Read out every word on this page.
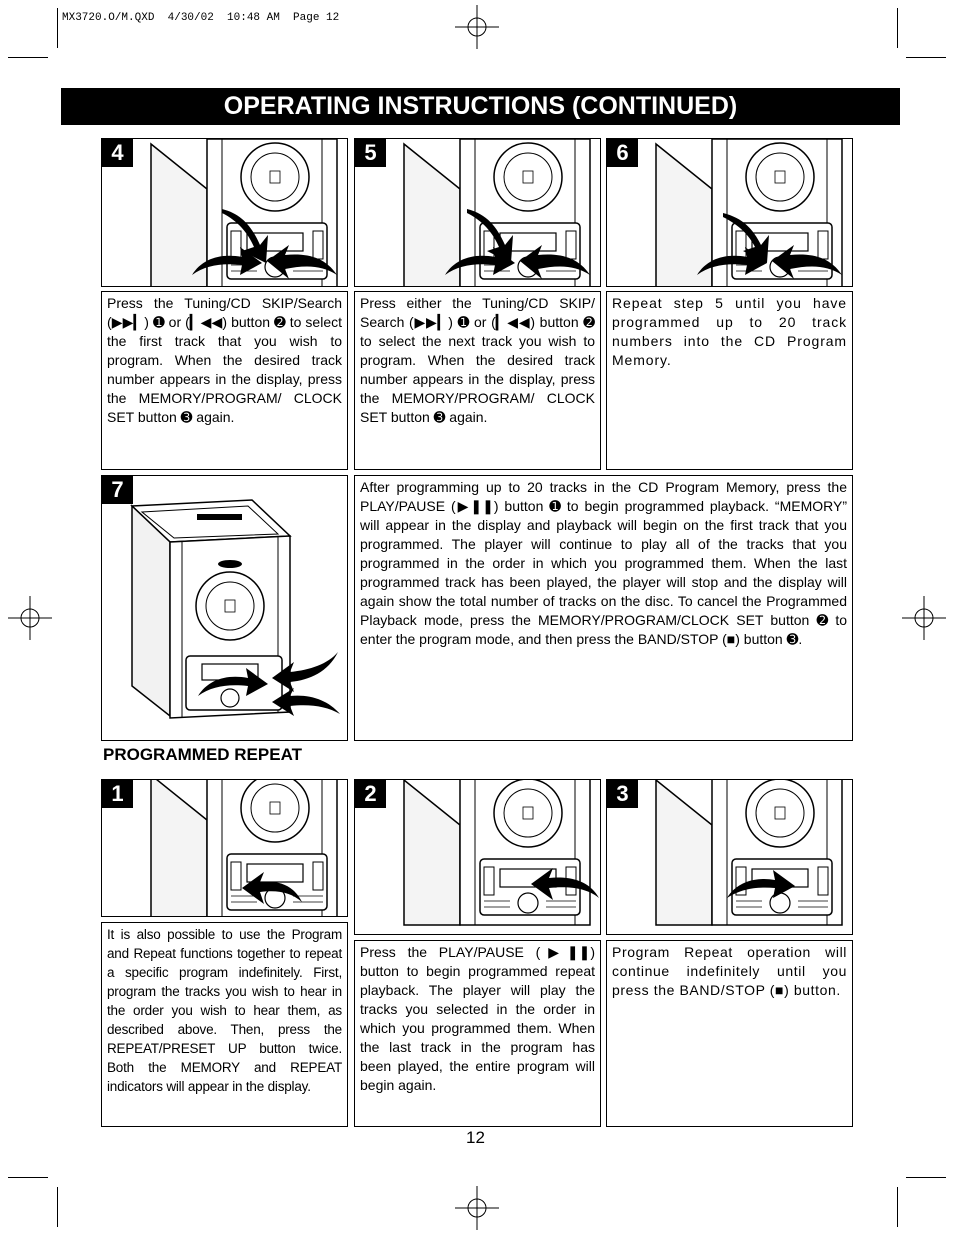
MX3720.O/M.QXD  4/30/02  10:48 AM  Page 12
OPERATING INSTRUCTIONS (CONTINUED)
4	5	6
Press the Tuning/CD SKIP/Search (▶▶▎) ➊ or (▎◀◀) button ➋ to select the first track that you wish to program. When the desired track number appears in the display, press the MEMORY/PROGRAM/ CLOCK SET button ➌ again.
Press either the Tuning/CD SKIP/ Search (▶▶▎) ➊ or (▎◀◀) button ➋ to select the next track you wish to program. When the desired track number appears in the display, press the MEMORY/PROGRAM/ CLOCK SET button ➌ again.
Repeat step 5 until you have programmed up to 20 track numbers into the CD Program Memory.
7	After programming up to 20 tracks in the CD Program Memory, press the PLAY/PAUSE (▶❚❚) button ➊ to begin programmed playback. “MEMORY” will appear in the display and playback will begin on the first track that you programmed. The player will continue to play all of the tracks that you programmed in the order in which you programmed them. When the last programmed track has been played, the player will stop and the display will again show the total number of tracks on the disc. To cancel the Programmed Playback mode, press the MEMORY/PROGRAM/CLOCK SET button ➋ to enter the program mode, and then press the BAND/STOP (■) button ➌.
PROGRAMMED REPEAT
1	2	3
It is also possible to use the Program and Repeat functions together to repeat a specific program indefinitely. First, program the tracks you wish to hear in the order you wish to hear them, as described above. Then, press the REPEAT/PRESET UP button twice. Both the MEMORY and REPEAT indicators will appear in the display.
Press the PLAY/PAUSE (▶❚❚) button to begin programmed repeat playback. The player will play the tracks you selected in the order in which you programmed them. When the last track in the program has been played, the entire program will begin again.
Program Repeat operation will continue indefinitely until you press the BAND/STOP (■) button.
12
